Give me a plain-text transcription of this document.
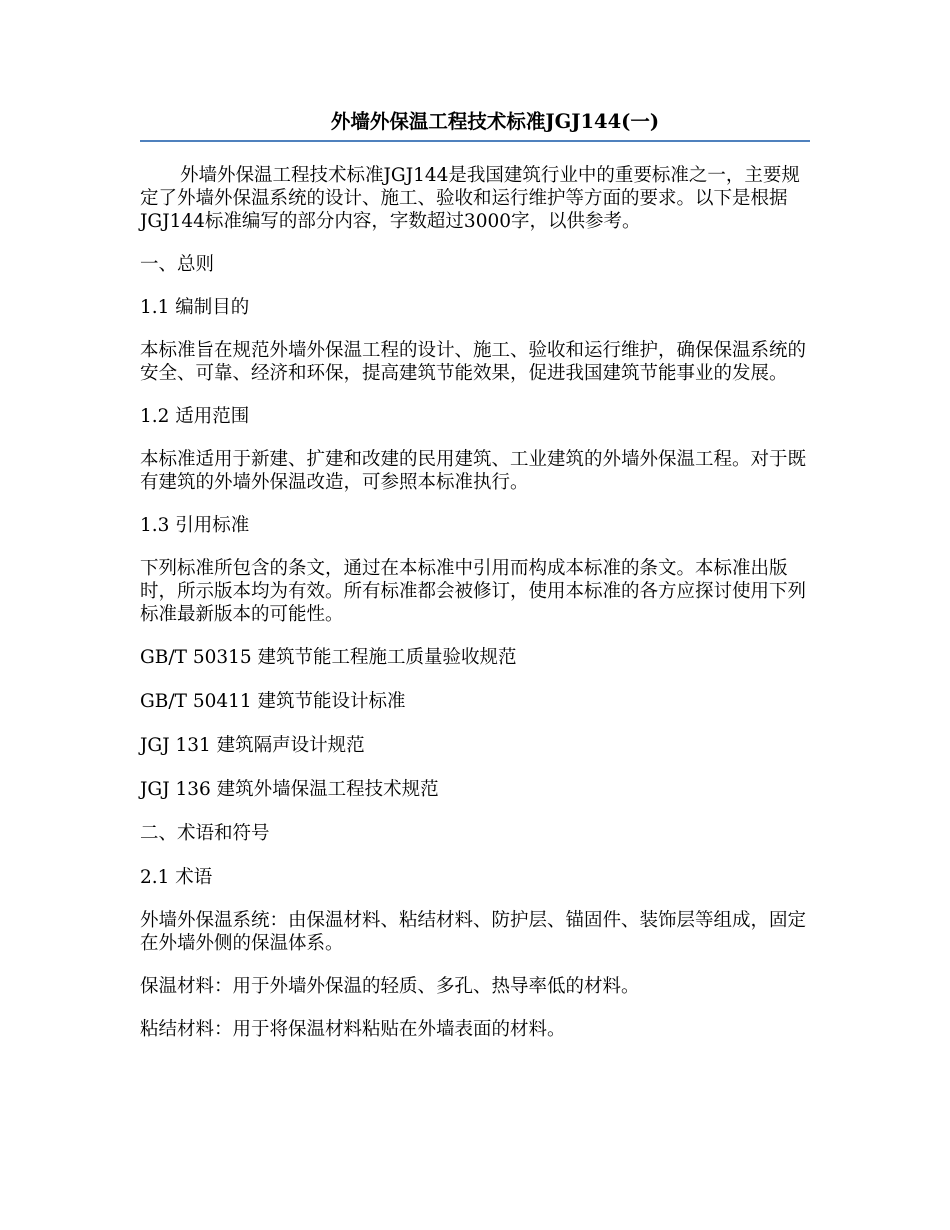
外墙外保温工程技术标准JGJ144(一)

外墙外保温工程技术标准JGJ144是我国建筑行业中的重要标准之一，主要规定了外墙外保温系统的设计、施工、验收和运行维护等方面的要求。以下是根据JGJ144标准编写的部分内容，字数超过3000字，以供参考。

一、总则

1.1 编制目的

本标准旨在规范外墙外保温工程的设计、施工、验收和运行维护，确保保温系统的安全、可靠、经济和环保，提高建筑节能效果，促进我国建筑节能事业的发展。

1.2 适用范围

本标准适用于新建、扩建和改建的民用建筑、工业建筑的外墙外保温工程。对于既有建筑的外墙外保温改造，可参照本标准执行。

1.3 引用标准

下列标准所包含的条文，通过在本标准中引用而构成本标准的条文。本标准出版时，所示版本均为有效。所有标准都会被修订，使用本标准的各方应探讨使用下列标准最新版本的可能性。

GB/T 50315 建筑节能工程施工质量验收规范

GB/T 50411 建筑节能设计标准

JGJ 131 建筑隔声设计规范

JGJ 136 建筑外墙保温工程技术规范

二、术语和符号

2.1 术语

外墙外保温系统：由保温材料、粘结材料、防护层、锚固件、装饰层等组成，固定在外墙外侧的保温体系。

保温材料：用于外墙外保温的轻质、多孔、热导率低的材料。

粘结材料：用于将保温材料粘贴在外墙表面的材料。
